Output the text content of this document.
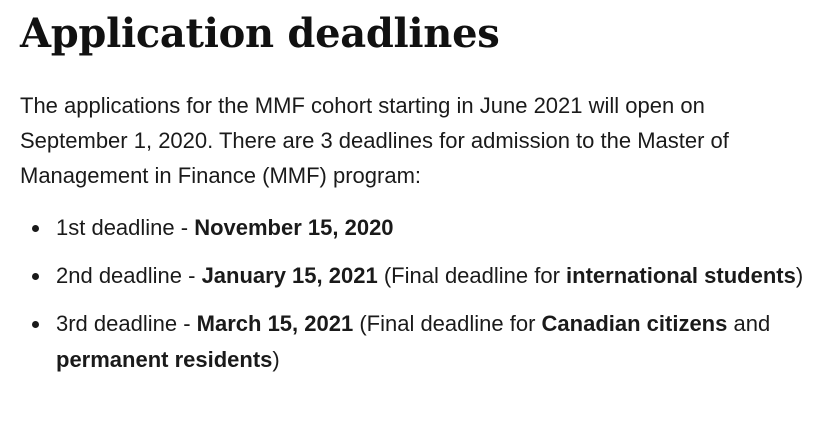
Application deadlines

The applications for the MMF cohort starting in June 2021 will open on September 1, 2020. There are 3 deadlines for admission to the Master of Management in Finance (MMF) program:

1st deadline - November 15, 2020
2nd deadline - January 15, 2021 (Final deadline for international students)
3rd deadline - March 15, 2021 (Final deadline for Canadian citizens and permanent residents)
